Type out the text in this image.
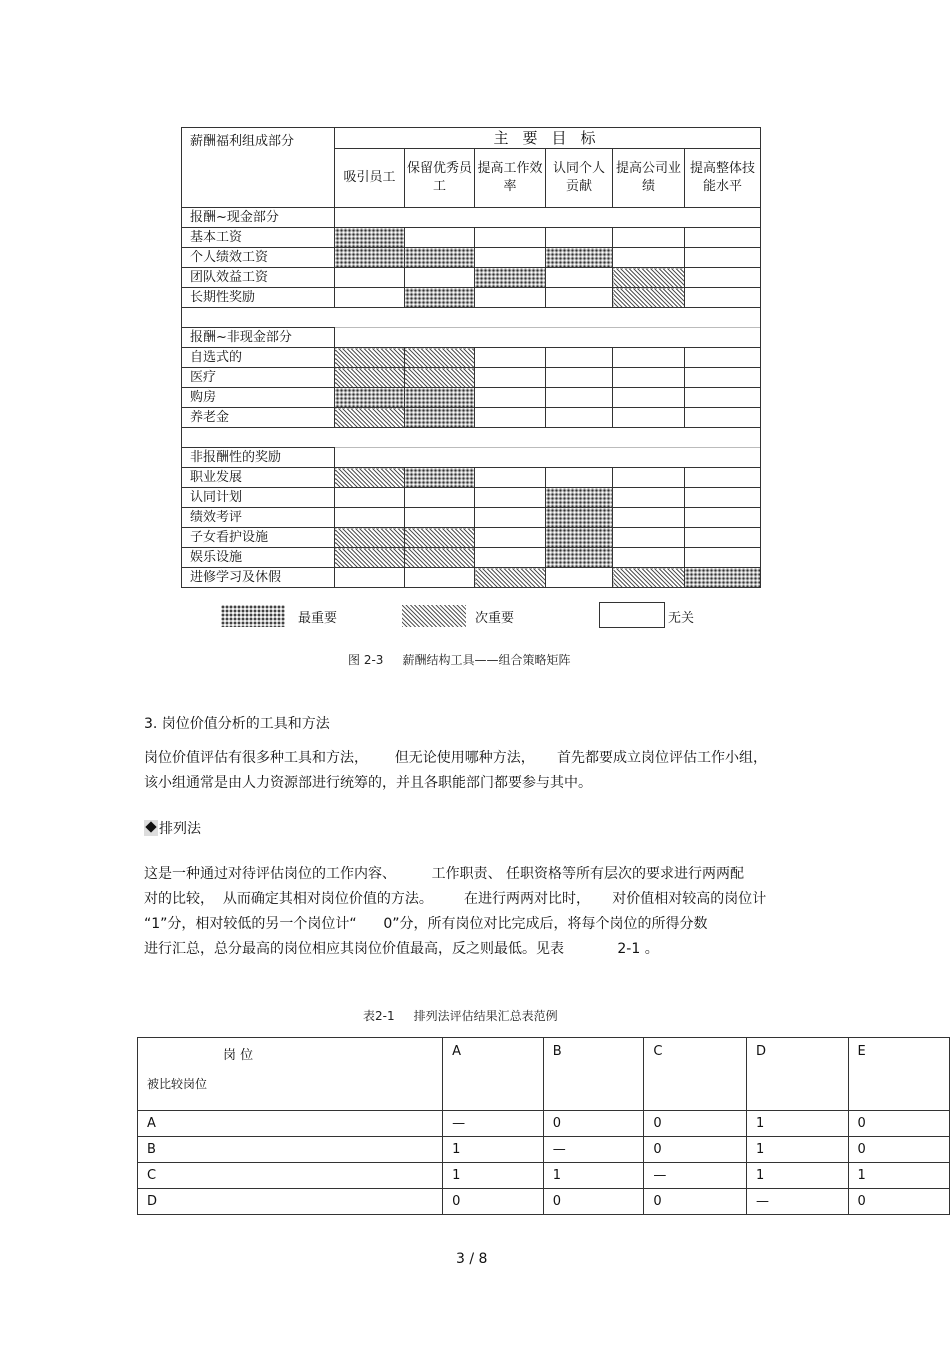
薪酬福利组成部分	主要目标					
	吸引员工	保留优秀员工	提高工作效率	认同个人贡献	提高公司业绩	提高整体技能水平
报酬~现金部分						
基本工资						
个人绩效工资						
团队效益工资						
长期性奖励						

报酬~非现金部分						
自选式的						
医疗						
购房						
养老金						

非报酬性的奖励						
职业发展						
认同计划						
绩效考评						
子女看护设施						
娱乐设施						
进修学习及休假						
最重要	次重要	无关
图 2-3     薪酬结构工具——组合策略矩阵
3. 岗位价值分析的工具和方法
岗位价值评估有很多种工具和方法，      但无论使用哪种方法，     首先都要成立岗位评估工作小组，
该小组通常是由人力资源部进行统筹的，并且各职能部门都要参与其中。
排列法
这是一种通过对待评估岗位的工作内容、        工作职责、 任职资格等所有层次的要求进行两两配
对的比较，  从而确定其相对岗位价值的方法。       在进行两两对比时，     对价值相对较高的岗位计
“1”分，相对较低的另一个岗位计“      0”分，所有岗位对比完成后，将每个岗位的所得分数
进行汇总，总分最高的岗位相应其岗位价值最高，反之则最低。见表            2-1 。
表2-1     排列法评估结果汇总表范例
岗 位
被比较岗位	A	B	C	D	E
A	—	0	0	1	0
B	1	—	0	1	0
C	1	1	—	1	1
D	0	0	0	—	0
3 / 8
